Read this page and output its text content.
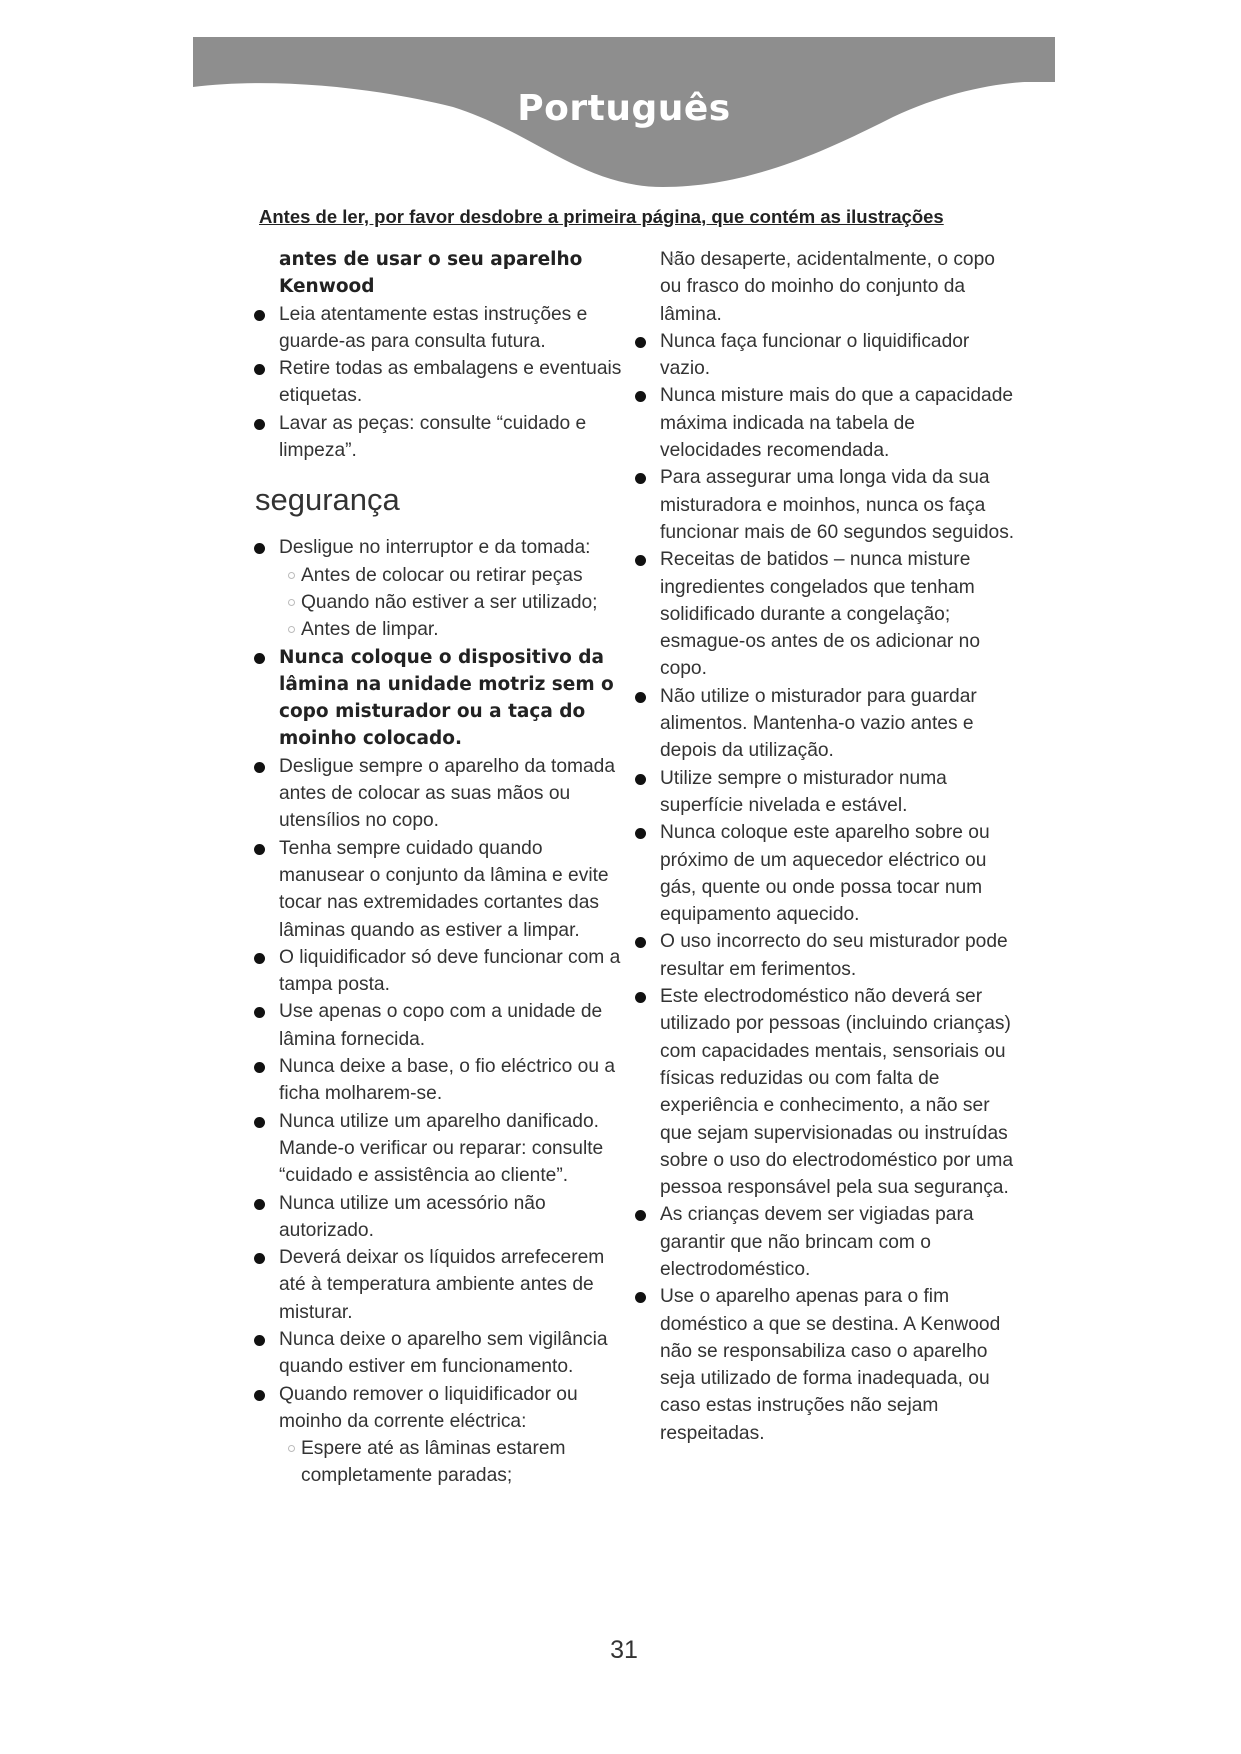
Português
Antes de ler, por favor desdobre a primeira página, que contém as ilustrações
antes de usar o seu aparelho Kenwood
Leia atentamente estas instruções e guarde-as para consulta futura.
Retire todas as embalagens e eventuais etiquetas.
Lavar as peças: consulte “cuidado e limpeza”.
segurança
Desligue no interruptor e da tomada:
Antes de colocar ou retirar peças
Quando não estiver a ser utilizado;
Antes de limpar.
Nunca coloque o dispositivo da lâmina na unidade motriz sem o copo misturador ou a taça do moinho colocado.
Desligue sempre o aparelho da tomada antes de colocar as suas mãos ou utensílios no copo.
Tenha sempre cuidado quando manusear o conjunto da lâmina e evite tocar nas extremidades cortantes das lâminas quando as estiver a limpar.
O liquidificador só deve funcionar com a tampa posta.
Use apenas o copo com a unidade de lâmina fornecida.
Nunca deixe a base, o fio eléctrico ou a ficha molharem-se.
Nunca utilize um aparelho danificado. Mande-o verificar ou reparar: consulte “cuidado e assistência ao cliente”.
Nunca utilize um acessório não autorizado.
Deverá deixar os líquidos arrefecerem até à temperatura ambiente antes de misturar.
Nunca deixe o aparelho sem vigilância quando estiver em funcionamento.
Quando remover o liquidificador ou moinho da corrente eléctrica:
Espere até as lâminas estarem completamente paradas;
Não desaperte, acidentalmente, o copo ou frasco do moinho do conjunto da lâmina.
Nunca faça funcionar o liquidificador vazio.
Nunca misture mais do que a capacidade máxima indicada na tabela de velocidades recomendada.
Para assegurar uma longa vida da sua misturadora e moinhos, nunca os faça funcionar mais de 60 segundos seguidos.
Receitas de batidos – nunca misture ingredientes congelados que tenham solidificado durante a congelação; esmague-os antes de os adicionar no copo.
Não utilize o misturador para guardar alimentos. Mantenha-o vazio antes e depois da utilização.
Utilize sempre o misturador numa superfície nivelada e estável.
Nunca coloque este aparelho sobre ou próximo de um aquecedor eléctrico ou gás, quente ou onde possa tocar num equipamento aquecido.
O uso incorrecto do seu misturador pode resultar em ferimentos.
Este electrodoméstico não deverá ser utilizado por pessoas (incluindo crianças) com capacidades mentais, sensoriais ou físicas reduzidas ou com falta de experiência e conhecimento, a não ser que sejam supervisionadas ou instruídas sobre o uso do electrodoméstico por uma pessoa responsável pela sua segurança.
As crianças devem ser vigiadas para garantir que não brincam com o electrodoméstico.
Use o aparelho apenas para o fim doméstico a que se destina. A Kenwood não se responsabiliza caso o aparelho seja utilizado de forma inadequada, ou caso estas instruções não sejam respeitadas.
31
